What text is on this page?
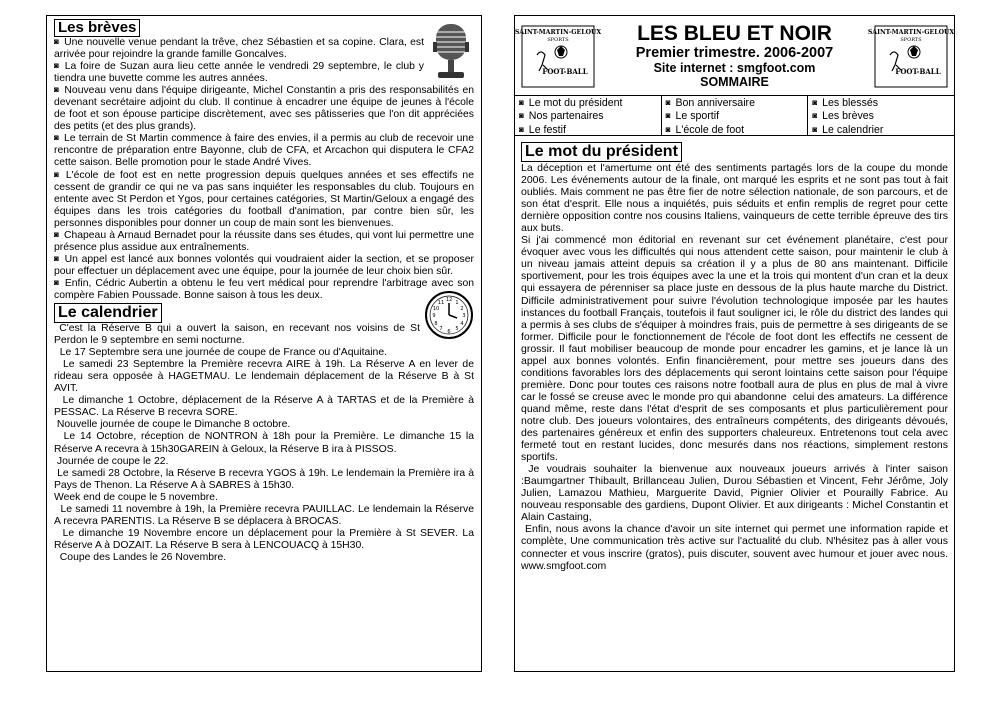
Les brèves

◙ Une nouvelle venue pendant la trêve, chez Sébastien et sa copine. Clara, est arrivée pour rejoindre la grande famille Goncalves.

◙ La foire de Suzan aura lieu cette année le vendredi 29 septembre, le club y tiendra une buvette comme les autres années.

◙ Nouveau venu dans l'équipe dirigeante, Michel Constantin a pris des responsabilités en devenant secrétaire adjoint du club. Il continue à encadrer une équipe de jeunes à l'école de foot et son épouse participe discrètement, avec ses pâtisseries que l'on dit appréciées des petits (et des plus grands).

◙ Le terrain de St Martin commence à faire des envies, il a permis au club de recevoir une rencontre de préparation entre Bayonne, club de CFA, et Arcachon qui disputera le CFA2 cette saison. Belle promotion pour le stade André Vives.

◙ L'école de foot est en nette progression depuis quelques années et ses effectifs ne cessent de grandir ce qui ne va pas sans inquiéter les responsables du club. Toujours en entente avec St Perdon et Ygos, pour certaines catégories, St Martin/Geloux a engagé des équipes dans les trois catégories du football d'animation, par contre bien sûr, les personnes disponibles pour donner un coup de main sont les bienvenues.

◙ Chapeau à Arnaud Bernadet pour la réussite dans ses études, qui vont lui permettre une présence plus assidue aux entraînements.

◙ Un appel est lancé aux bonnes volontés qui voudraient aider la section, et se proposer pour effectuer un déplacement avec une équipe, pour la journée de leur choix bien sûr.

◙ Enfin, Cédric Aubertin a obtenu le feu vert médical pour reprendre l'arbitrage avec son compère Fabien Poussade. Bonne saison à tous les deux.

Le calendrier
12
3
6
9
1
2
4
5
7
8
10
11

C'est la Réserve B qui a ouvert la saison, en recevant nos voisins de St Perdon le 9 septembre en semi nocturne.

Le 17 Septembre sera une journée de coupe de France ou d'Aquitaine.

Le samedi 23 Septembre la Première recevra AIRE à 19h. La Réserve A en lever de rideau sera opposée à HAGETMAU. Le lendemain déplacement de la Réserve B à St AVIT.

Le dimanche 1 Octobre, déplacement de la Réserve A à TARTAS et de la Première à PESSAC. La Réserve B recevra SORE.

Nouvelle journée de coupe le Dimanche 8 octobre.

Le 14 Octobre, réception de NONTRON à 18h pour la Première. Le dimanche 15 la Réserve A recevra à 15h30GAREIN à Geloux, la Réserve B ira à PISSOS.

Journée de coupe le 22.

Le samedi 28 Octobre, la Réserve B recevra YGOS à 19h. Le lendemain la Première ira à Pays de Thenon. La Réserve A à SABRES à 15h30.

Week end de coupe le 5 novembre.

Le samedi 11 novembre à 19h, la Première recevra PAUILLAC. Le lendemain la Réserve A recevra PARENTIS. La Réserve B se déplacera à BROCAS.

Le dimanche 19 Novembre encore un déplacement pour la Première à St SEVER. La Réserve A à DOZAIT. La Réserve B sera à LENCOUACQ à 15H30.

Coupe des Landes le 26 Novembre.

SAINT-MARTIN-GELOUX
SPORTS
FOOT-BALL
SAINT-MARTIN-GELOUX
SPORTS
FOOT-BALL
LES BLEU ET NOIR
Premier trimestre. 2006-2007
Site internet : smgfoot.com
SOMMAIRE
◙ Le mot du président
◙ Nos partenaires
◙ Le festif
◙ Bon anniversaire
◙ Le sportif
◙ L'école de foot
◙ Les blessés
◙ Les brèves
◙ Le calendrier
Le mot du président

La déception et l'amertume ont été des sentiments partagés lors de la coupe du monde 2006. Les événements autour de la finale, ont marqué les esprits et ne sont pas tout à fait oubliés. Mais comment ne pas être fier de notre sélection nationale, de son parcours, et de son état d'esprit. Elle nous a inquiétés, puis séduits et enfin remplis de regret pour cette dernière opposition contre nos cousins Italiens, vainqueurs de cette terrible épreuve des tirs aux buts.

Si j'ai commencé mon éditorial en revenant sur cet événement planétaire, c'est pour évoquer avec vous les difficultés qui nous attendent cette saison, pour maintenir le club à un niveau jamais atteint depuis sa création il y a plus de 80 ans maintenant. Difficile sportivement, pour les trois équipes avec la une et la trois qui montent d'un cran et la deux qui essayera de pérenniser sa place juste en dessous de la plus haute marche du District. Difficile administrativement pour suivre l'évolution technologique imposée par les hautes instances du football Français, toutefois il faut souligner ici, le rôle du district des landes qui a permis à ses clubs de s'équiper à moindres frais, puis de permettre à ses dirigeants de se former. Difficile pour le fonctionnement de l'école de foot dont les effectifs ne cessent de grossir. Il faut mobiliser beaucoup de monde pour encadrer les gamins, et je lance là un appel aux bonnes volontés. Enfin financièrement, pour mettre ses joueurs dans des conditions favorables lors des déplacements qui seront lointains cette saison pour l'équipe première. Donc pour toutes ces raisons notre football aura de plus en plus de mal à vivre car le fossé se creuse avec le monde pro qui abandonne  celui des amateurs. La différence quand même, reste dans l'état d'esprit de ses composants et plus particulièrement pour notre club. Des joueurs volontaires, des entraîneurs compétents, des dirigeants dévoués, des partenaires généreux et enfin des supporters chaleureux. Entretenons tout cela avec fermeté tout en restant lucides, donc mesurés dans nos réactions, simplement restons sportifs.

Je voudrais souhaiter la bienvenue aux nouveaux joueurs arrivés à l'inter saison :Baumgartner Thibault, Brillanceau Julien, Durou Sébastien et Vincent, Fehr Jérôme, Joly Julien, Lamazou Mathieu, Marguerite David, Pignier Olivier et Pourailly Fabrice. Au nouveau responsable des gardiens, Dupont Olivier. Et aux dirigeants : Michel Constantin et Alain Castaing,

Enfin, nous avons la chance d'avoir un site internet qui permet une information rapide et complète, Une communication très active sur l'actualité du club. N'hésitez pas à aller vous connecter et vous inscrire (gratos), puis discuter, souvent avec humour et jouer avec nous. www.smgfoot.com
